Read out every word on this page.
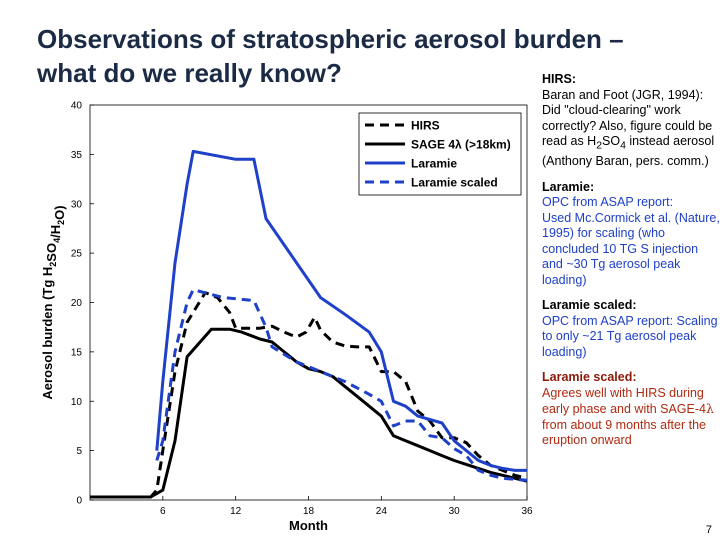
Observations of stratospheric aerosol burden –
what do we really know?
HIRS
SAGE 4λ (>18km)
Laramie
Laramie scaled
6	12	18	24	30	36
0
5
10
15
20
25
30
35
40
Month
Aerosol burden (Tg $H_2SO_4/H_2O$)
HIRS:
Baran and Foot (JGR, 1994):
Did "cloud-clearing" work correctly? Also, figure could be read as $H_2SO_4$ instead aerosol (Anthony Baran, pers. comm.)
Laramie:
OPC from ASAP report:
Used Mc.Cormick et al. (Nature, 1995) for scaling (who concluded 10 TG S injection and ~30 Tg aerosol peak loading)
Laramie scaled:
OPC from ASAP report: Scaling to only ~21 Tg aerosol peak loading)
Laramie scaled:
Agrees well with HIRS during early phase and with SAGE-4λ from about 9 months after the eruption onward
7
